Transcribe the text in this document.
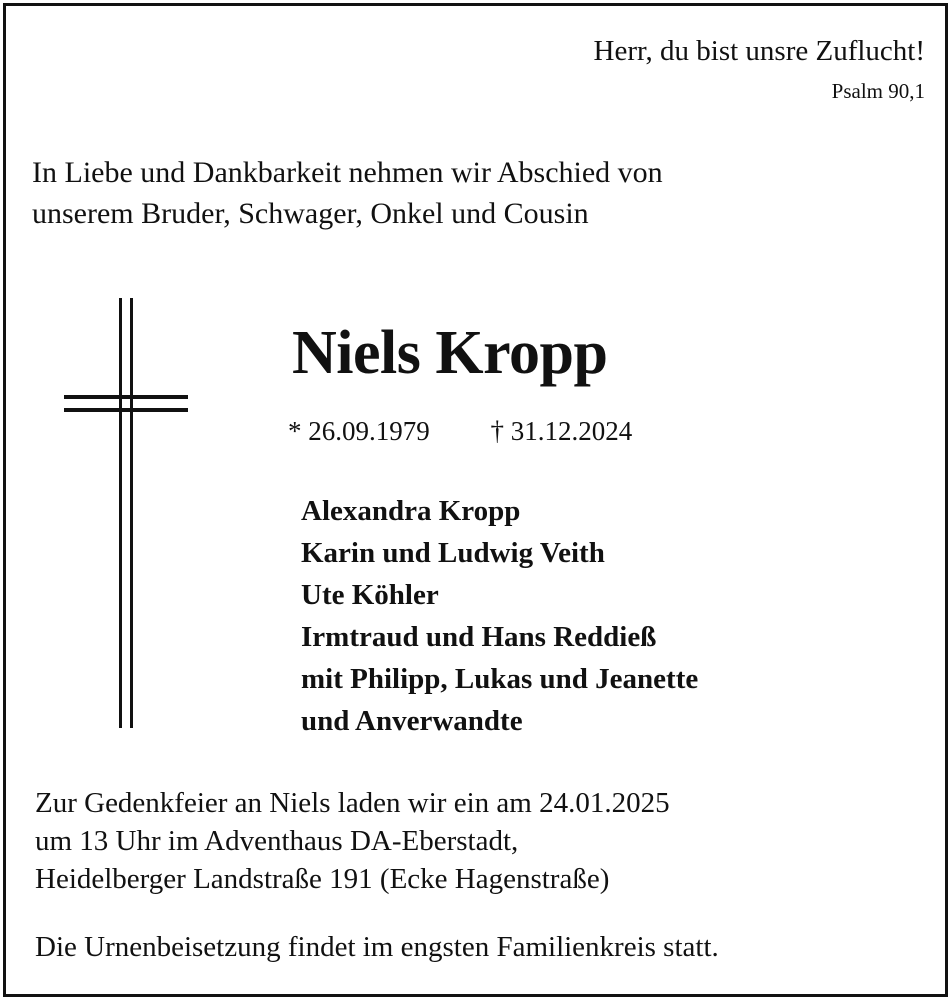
Herr, du bist unsre Zuflucht!
Psalm 90,1
In Liebe und Dankbarkeit nehmen wir Abschied von
unserem Bruder, Schwager, Onkel und Cousin
Niels Kropp
* 26.09.1979 † 31.12.2024
Alexandra Kropp
Karin und Ludwig Veith
Ute Köhler
Irmtraud und Hans Reddieß
mit Philipp, Lukas und Jeanette
und Anverwandte
Zur Gedenkfeier an Niels laden wir ein am 24.01.2025
um 13 Uhr im Adventhaus DA-Eberstadt,
Heidelberger Landstraße 191 (Ecke Hagenstraße)
Die Urnenbeisetzung findet im engsten Familienkreis statt.
